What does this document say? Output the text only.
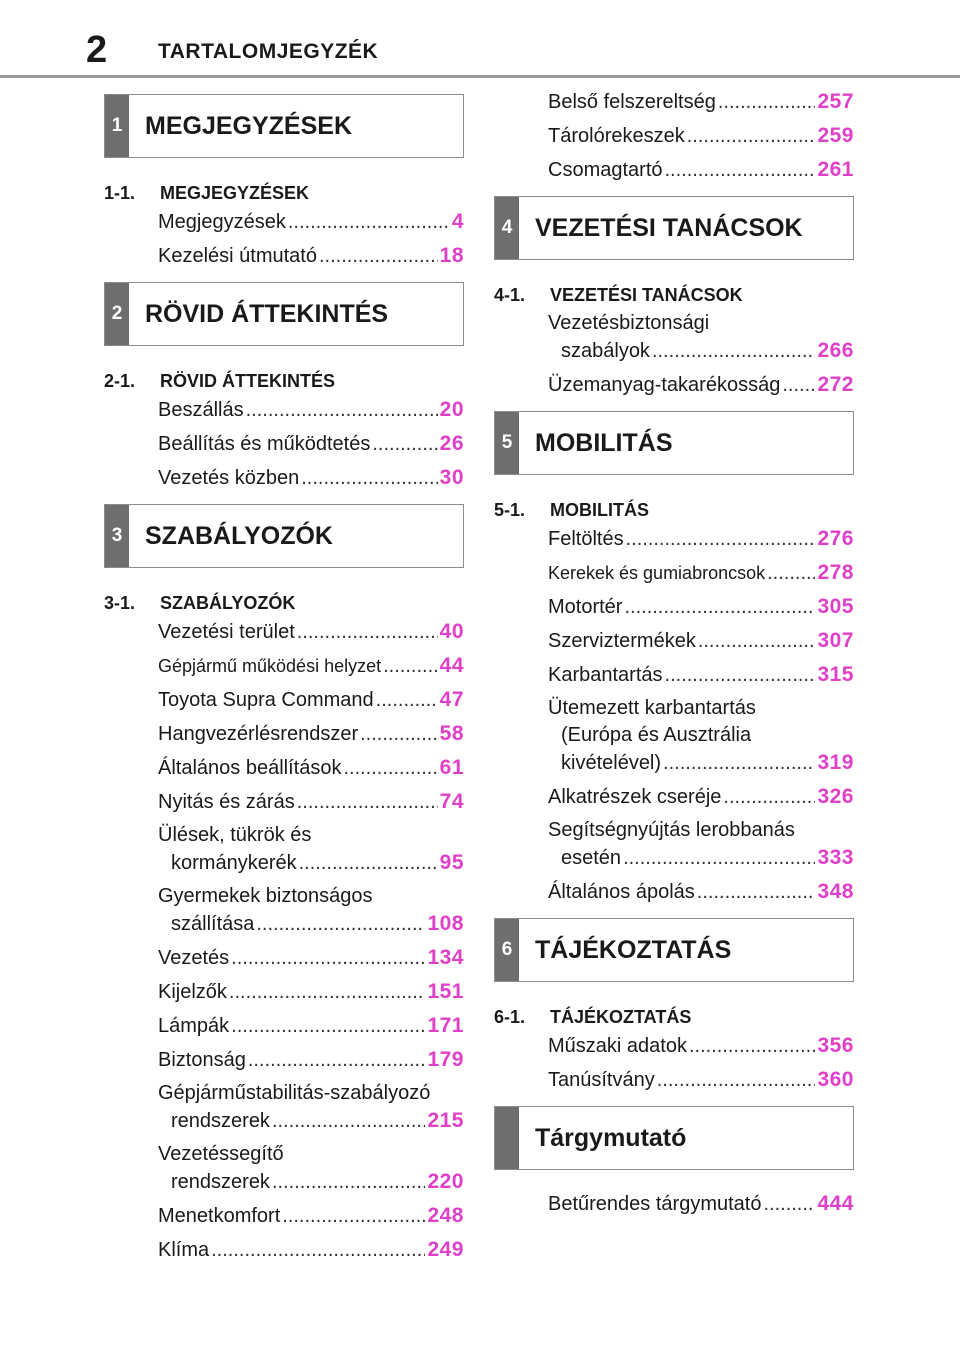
2 TARTALOMJEGYZÉK
1 MEGJEGYZÉSEK
1-1. MEGJEGYZÉSEK
Megjegyzések .....	4
Kezelési útmutató .....	18
2 RÖVID ÁTTEKINTÉS
2-1. RÖVID ÁTTEKINTÉS
Beszállás .....	20
Beállítás és működtetés .....	26
Vezetés közben .....	30
3 SZABÁLYOZÓK
3-1. SZABÁLYOZÓK
Vezetési terület .....	40
Gépjármű működési helyzet .....	44
Toyota Supra Command .....	47
Hangvezérlésrendszer .....	58
Általános beállítások .....	61
Nyitás és zárás .....	74
Ülések, tükrök és
kormánykerék .....	95
Gyermekek biztonságos
szállítása .....	108
Vezetés .....	134
Kijelzők .....	151
Lámpák .....	171
Biztonság .....	179
Gépjárműstabilitás-szabályozó
rendszerek .....	215
Vezetéssegítő
rendszerek .....	220
Menetkomfort .....	248
Klíma .....	249
Belső felszereltség .....	257
Tárolórekeszek .....	259
Csomagtartó .....	261
4 VEZETÉSI TANÁCSOK
4-1. VEZETÉSI TANÁCSOK
Vezetésbiztonsági
szabályok .....	266
Üzemanyag-takarékosság ..... 272
5 MOBILITÁS
5-1. MOBILITÁS
Feltöltés .....	276
Kerekek és gumiabroncsok ..... 278
Motortér .....	305
Szerviztermékek .....	307
Karbantartás .....	315
Ütemezett karbantartás
(Európa és Ausztrália
kivételével) .....	319
Alkatrészek cseréje .....	326
Segítségnyújtás lerobbanás
esetén .....	333
Általános ápolás .....	348
6 TÁJÉKOZTATÁS
6-1. TÁJÉKOZTATÁS
Műszaki adatok .....	356
Tanúsítvány .....	360
Tárgymutató
Betűrendes tárgymutató .....	444
